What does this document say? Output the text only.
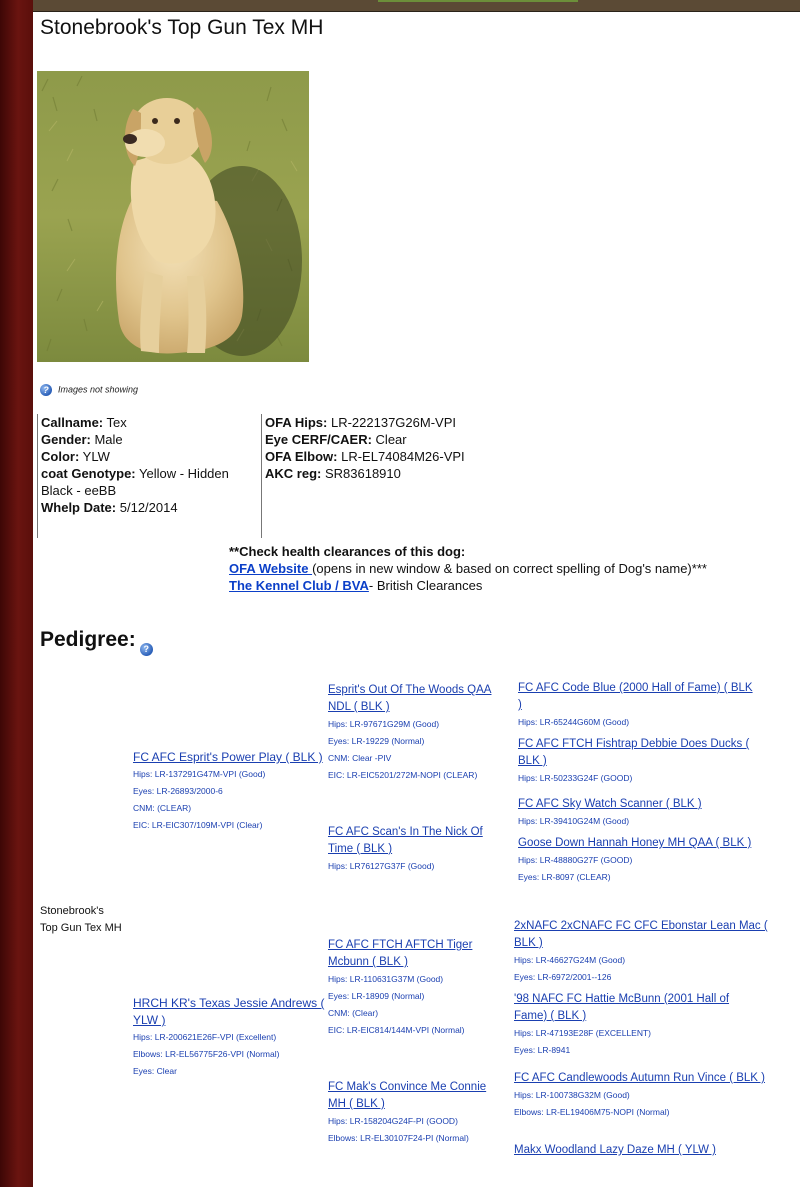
Stonebrook's Top Gun Tex MH
? Images not showing
Callname: Tex
Gender: Male
Color: YLW
coat Genotype: Yellow - Hidden Black - eeBB
Whelp Date: 5/12/2014
OFA Hips: LR-222137G26M-VPI
Eye CERF/CAER: Clear
OFA Elbow: LR-EL74084M26-VPI
AKC reg: SR83618910
**Check health clearances of this dog:
OFA Website (opens in new window & based on correct spelling of Dog's name)***
The Kennel Club / BVA- British Clearances
Pedigree: ?
Stonebrook's
Top Gun Tex MH
FC AFC Esprit's Power Play ( BLK )
Hips: LR-137291G47M-VPI (Good)
Eyes: LR-26893/2000-6
CNM: (CLEAR)
EIC: LR-EIC307/109M-VPI (Clear)
HRCH KR's Texas Jessie Andrews ( YLW )
Hips: LR-200621E26F-VPI (Excellent)
Elbows: LR-EL56775F26-VPI (Normal)
Eyes: Clear
Esprit's Out Of The Woods QAA NDL ( BLK )
Hips: LR-97671G29M (Good)
Eyes: LR-19229 (Normal)
CNM: Clear -PIV
EIC: LR-EIC5201/272M-NOPI (CLEAR)
FC AFC Scan's In The Nick Of Time ( BLK )
Hips: LR76127G37F (Good)
FC AFC FTCH AFTCH Tiger Mcbunn ( BLK )
Hips: LR-110631G37M (Good)
Eyes: LR-18909 (Normal)
CNM: (Clear)
EIC: LR-EIC814/144M-VPI (Normal)
FC Mak's Convince Me Connie MH ( BLK )
Hips: LR-158204G24F-PI (GOOD)
Elbows: LR-EL30107F24-PI (Normal)
FC AFC Code Blue (2000 Hall of Fame) ( BLK )
Hips: LR-65244G60M (Good)
FC AFC FTCH Fishtrap Debbie Does Ducks ( BLK )
Hips: LR-50233G24F (GOOD)
FC AFC Sky Watch Scanner ( BLK )
Hips: LR-39410G24M (Good)
Goose Down Hannah Honey MH QAA ( BLK )
Hips: LR-48880G27F (GOOD)
Eyes: LR-8097 (CLEAR)
2xNAFC 2xCNAFC FC CFC Ebonstar Lean Mac ( BLK )
Hips: LR-46627G24M (Good)
Eyes: LR-6972/2001--126
'98 NAFC FC Hattie McBunn (2001 Hall of Fame) ( BLK )
Hips: LR-47193E28F (EXCELLENT)
Eyes: LR-8941
FC AFC Candlewoods Autumn Run Vince ( BLK )
Hips: LR-100738G32M (Good)
Elbows: LR-EL19406M75-NOPI (Normal)
Makx Woodland Lazy Daze MH ( YLW )
